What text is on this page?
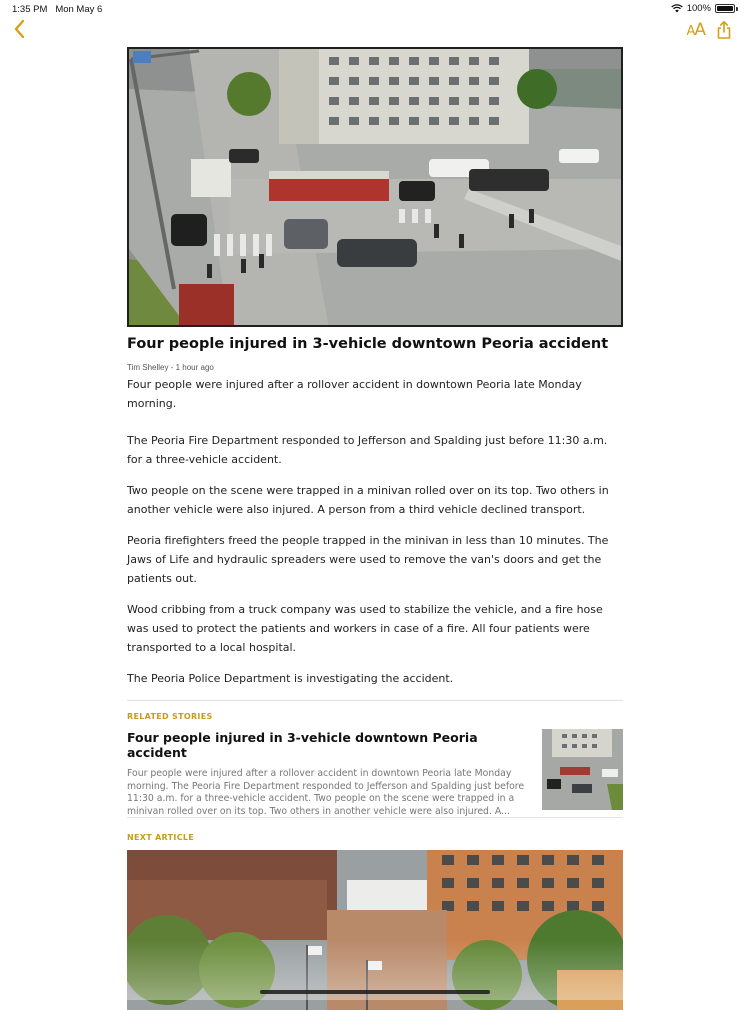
1:35 PM Mon May 6	100%
AA
Four people injured in 3-vehicle downtown Peoria accident
Tim Shelley - 1 hour ago

Four people were injured after a rollover accident in downtown Peoria late Monday morning.

The Peoria Fire Department responded to Jefferson and Spalding just before 11:30 a.m. for a three-vehicle accident.

Two people on the scene were trapped in a minivan rolled over on its top. Two others in another vehicle were also injured. A person from a third vehicle declined transport.

Peoria firefighters freed the people trapped in the minivan in less than 10 minutes. The Jaws of Life and hydraulic spreaders were used to remove the van's doors and get the patients out.

Wood cribbing from a truck company was used to stabilize the vehicle, and a fire hose was used to protect the patients and workers in case of a fire. All four patients were transported to a local hospital.

The Peoria Police Department is investigating the accident.

RELATED STORIES
Four people injured in 3-vehicle downtown Peoria accident
Four people were injured after a rollover accident in downtown Peoria late Monday morning. The Peoria Fire Department responded to Jefferson and Spalding just before 11:30 a.m. for a three-vehicle accident. Two people on the scene were trapped in a minivan rolled over on its top. Two others in another vehicle were also injured. A...
NEXT ARTICLE
